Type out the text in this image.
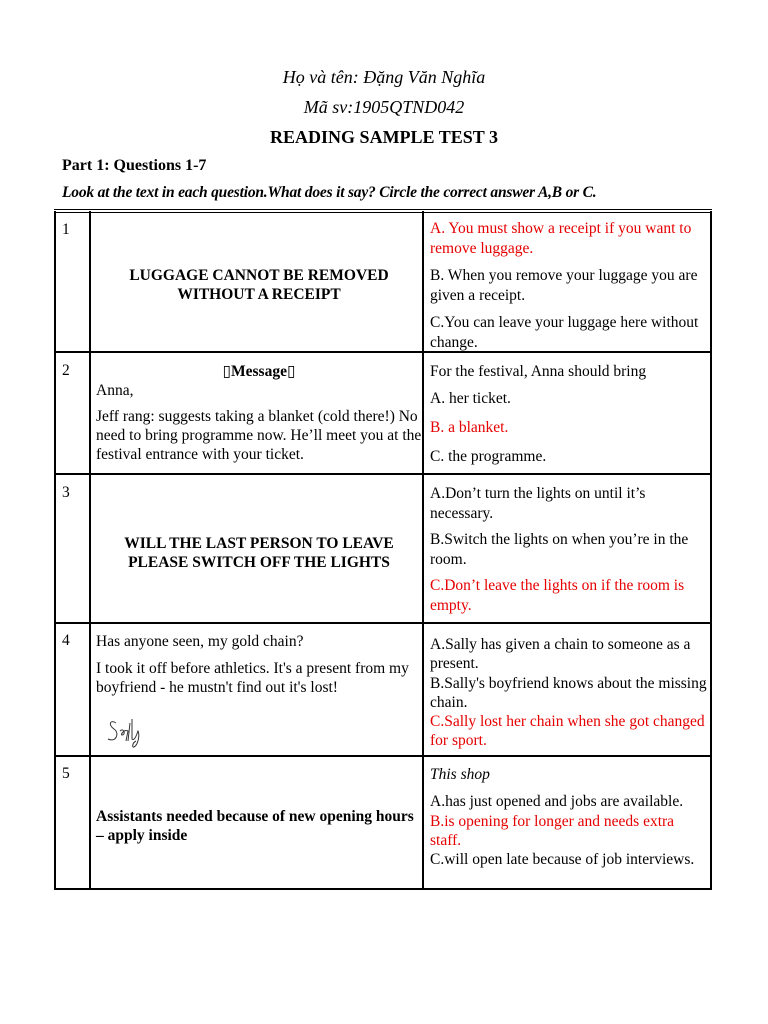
Họ và tên: Đặng Văn Nghĩa
Mã sv:1905QTND042
READING SAMPLE TEST 3
Part 1: Questions 1-7
Look at the text in each question.What does it say? Circle the correct answer A,B or C.
1
LUGGAGE CANNOT BE REMOVED WITHOUT A RECEIPT

A. You must show a receipt if you want to remove luggage.

B. When you remove your luggage you are given a receipt.

C.You can leave your luggage here without change.

2	▯Message▯

Anna,

Jeff rang: suggests taking a blanket (cold there!) No need to bring programme now. He’ll meet you at the festival entrance with your ticket.

For the festival, Anna should bring

A. her ticket.

B. a blanket.

C. the programme.

3
WILL THE LAST PERSON TO LEAVE PLEASE SWITCH OFF THE LIGHTS

A.Don’t turn the lights on until it’s necessary.

B.Switch the lights on when you’re in the room.

C.Don’t leave the lights on if the room is empty.

4 Has anyone seen, my gold chain?

I took it off before athletics. It's a present from my boyfriend - he mustn't find out it's lost!

A.Sally has given a chain to someone as a present.

B.Sally's boyfriend knows about the missing chain.

C.Sally lost her chain when she got changed for sport.

5
Assistants needed because of new opening hours – apply inside

This shop

A.has just opened and jobs are available.

B.is opening for longer and needs extra staff.

C.will open late because of job interviews.
